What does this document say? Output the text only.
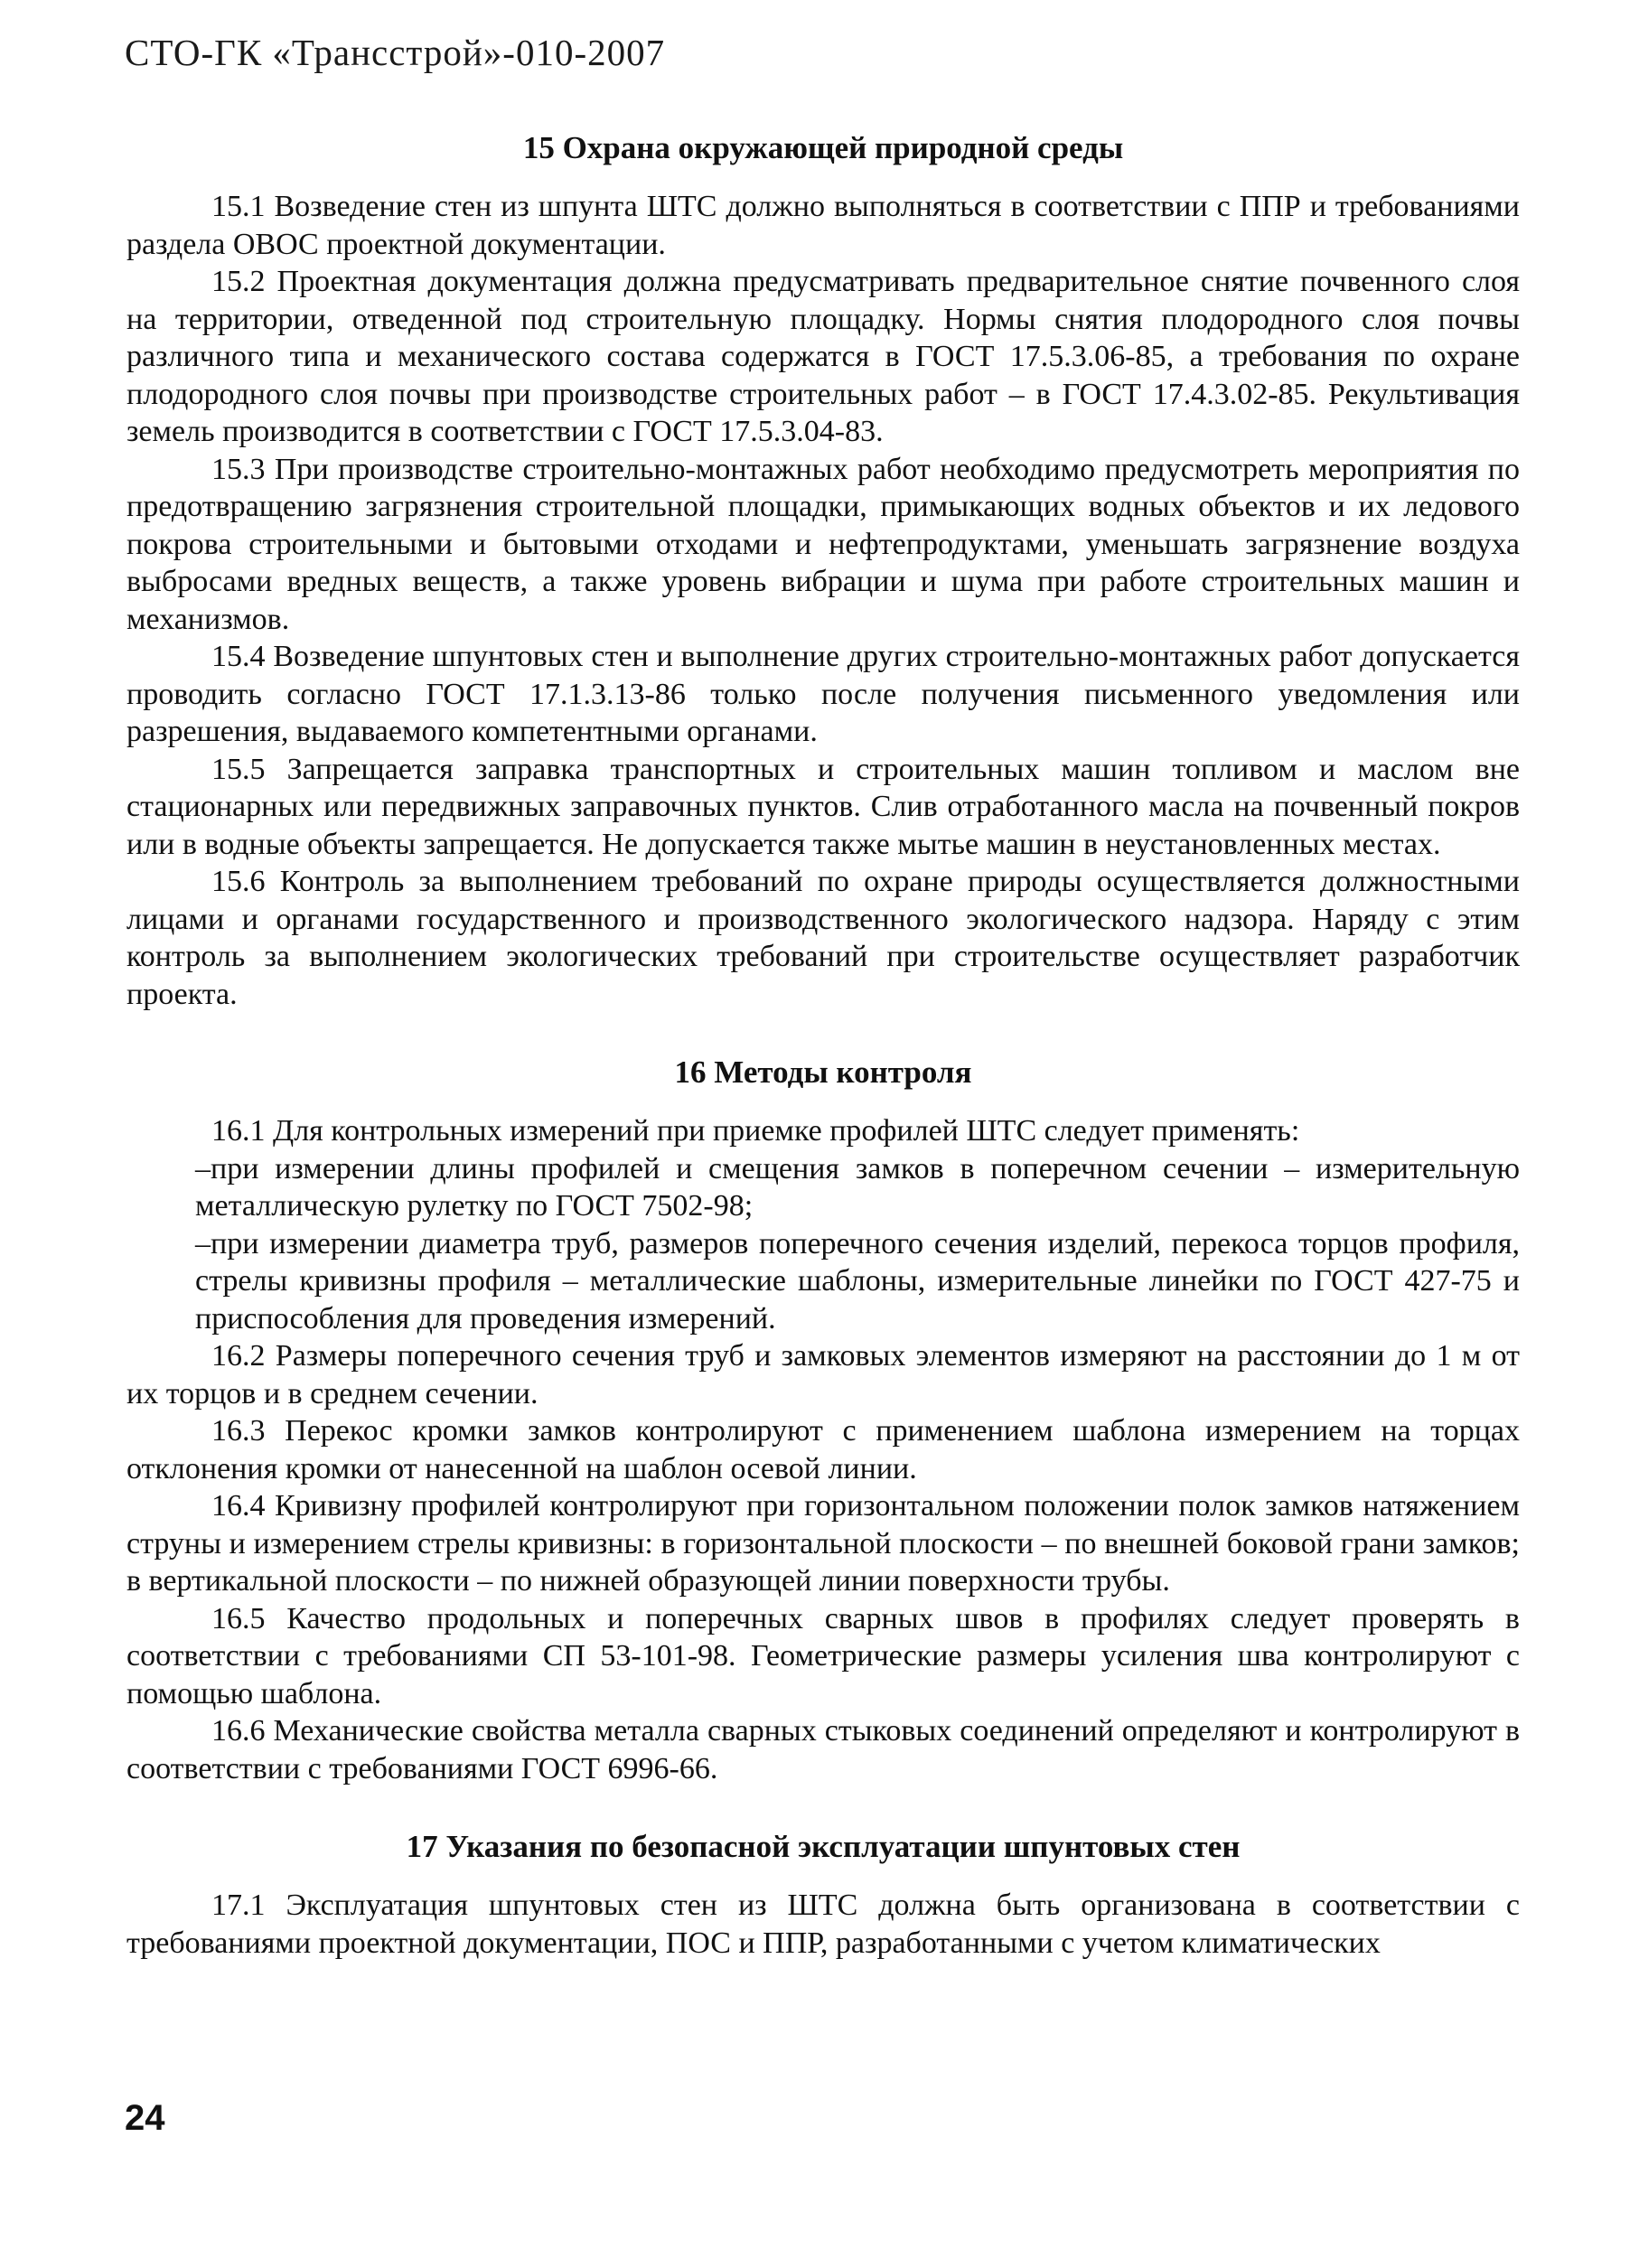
СТО-ГК «Трансстрой»-010-2007
15 Охрана окружающей природной среды

15.1 Возведение стен из шпунта ШТС должно выполняться в соответствии с ППР и требованиями раздела ОВОС проектной документации.

15.2 Проектная документация должна предусматривать предварительное снятие почвенного слоя на территории, отведенной под строительную площадку. Нормы снятия плодородного слоя почвы различного типа и механического состава содержатся в ГОСТ 17.5.3.06-85, а требования по охране плодородного слоя почвы при производстве строительных работ – в ГОСТ 17.4.3.02-85. Рекультивация земель производится в соответствии с ГОСТ 17.5.3.04-83.

15.3 При производстве строительно-монтажных работ необходимо предусмотреть мероприятия по предотвращению загрязнения строительной площадки, примыкающих водных объектов и их ледового покрова строительными и бытовыми отходами и нефтепродуктами, уменьшать загрязнение воздуха выбросами вредных веществ, а также уровень вибрации и шума при работе строительных машин и механизмов.

15.4 Возведение шпунтовых стен и выполнение других строительно-монтажных работ допускается проводить согласно ГОСТ 17.1.3.13-86 только после получения письменного уведомления или разрешения, выдаваемого компетентными органами.

15.5 Запрещается заправка транспортных и строительных машин топливом и маслом вне стационарных или передвижных заправочных пунктов. Слив отработанного масла на почвенный покров или в водные объекты запрещается. Не допускается также мытье машин в неустановленных местах.

15.6 Контроль за выполнением требований по охране природы осуществляется должностными лицами и органами государственного и производственного экологического надзора. Наряду с этим контроль за выполнением экологических требований при строительстве осуществляет разработчик проекта.

16 Методы контроля

16.1 Для контрольных измерений при приемке профилей ШТС следует применять:

–при измерении длины профилей и смещения замков в поперечном сечении – измерительную металлическую рулетку по ГОСТ 7502-98;

–при измерении диаметра труб, размеров поперечного сечения изделий, перекоса торцов профиля, стрелы кривизны профиля – металлические шаблоны, измерительные линейки по ГОСТ 427-75 и приспособления для проведения измерений.

16.2 Размеры поперечного сечения труб и замковых элементов измеряют на расстоянии до 1 м от их торцов и в среднем сечении.

16.3 Перекос кромки замков контролируют с применением шаблона измерением на торцах отклонения кромки от нанесенной на шаблон осевой линии.

16.4 Кривизну профилей контролируют при горизонтальном положении полок замков натяжением струны и измерением стрелы кривизны: в горизонтальной плоскости – по внешней боковой грани замков; в вертикальной плоскости – по нижней образующей линии поверхности трубы.

16.5 Качество продольных и поперечных сварных швов в профилях следует проверять в соответствии с требованиями СП 53-101-98. Геометрические размеры усиления шва контролируют с помощью шаблона.

16.6 Механические свойства металла сварных стыковых соединений определяют и контролируют в соответствии с требованиями ГОСТ 6996-66.

17 Указания по безопасной эксплуатации шпунтовых стен

17.1 Эксплуатация шпунтовых стен из ШТС должна быть организована в соответствии с требованиями проектной документации, ПОС и ППР, разработанными с учетом климатических

24
